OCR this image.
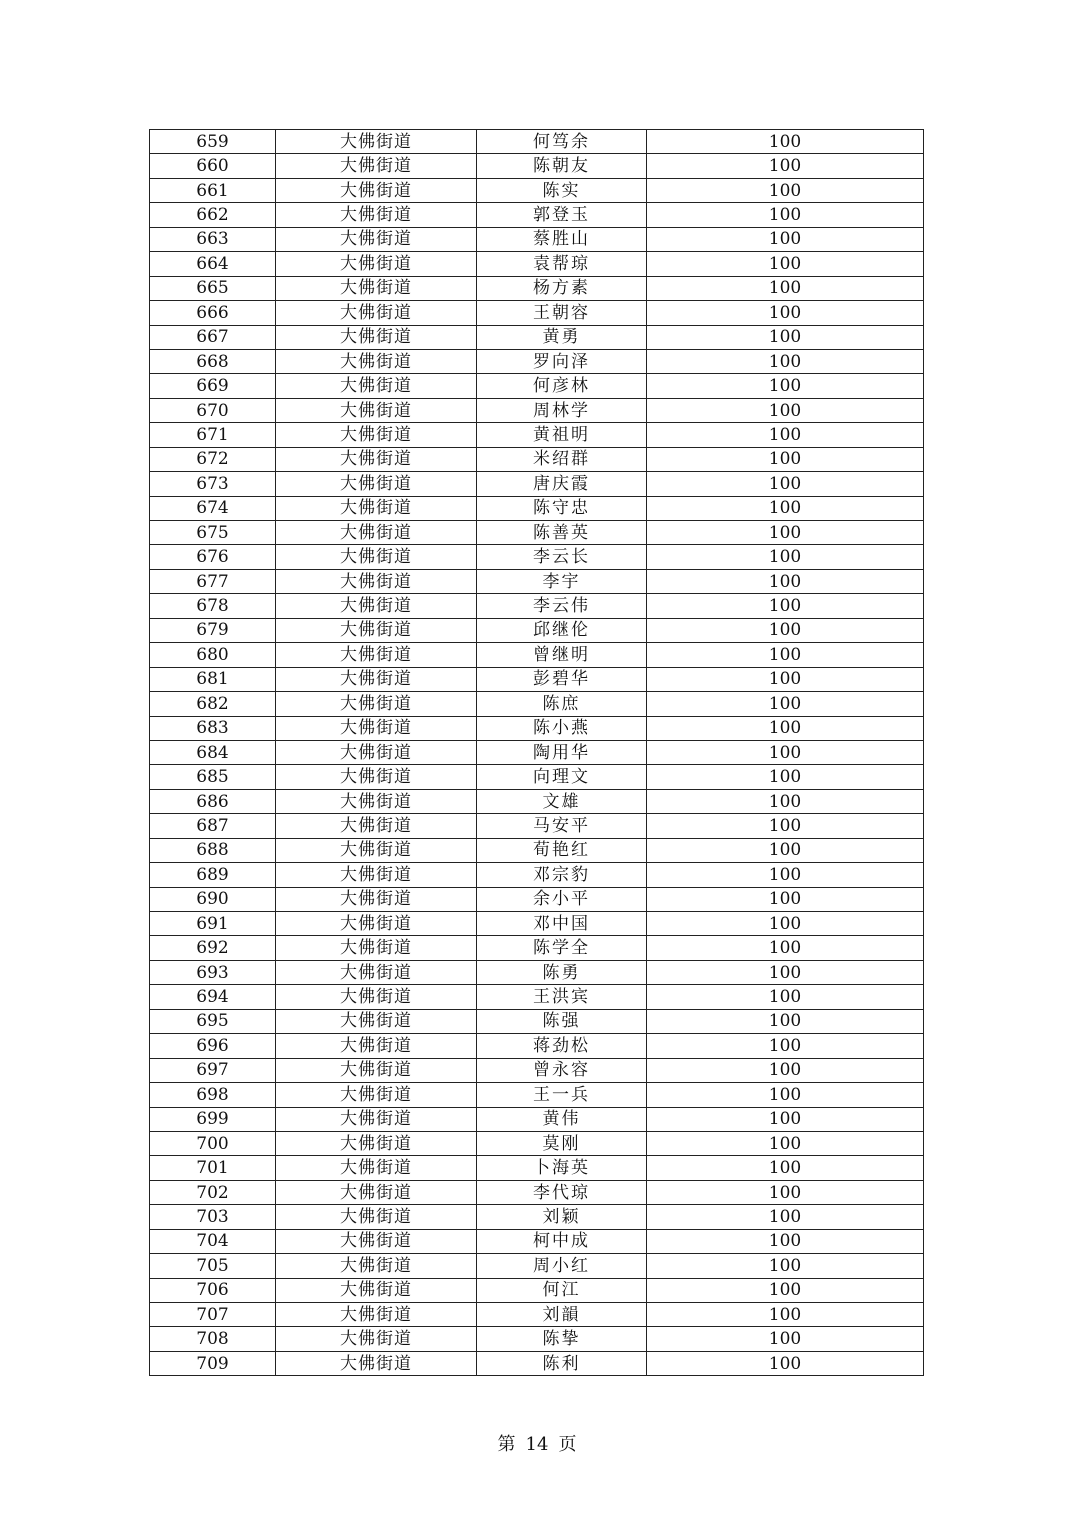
659	大佛街道	何笃余	100
660	大佛街道	陈朝友	100
661	大佛街道	陈实	100
662	大佛街道	郭登玉	100
663	大佛街道	蔡胜山	100
664	大佛街道	袁帮琼	100
665	大佛街道	杨方素	100
666	大佛街道	王朝容	100
667	大佛街道	黄勇	100
668	大佛街道	罗向泽	100
669	大佛街道	何彦林	100
670	大佛街道	周林学	100
671	大佛街道	黄祖明	100
672	大佛街道	米绍群	100
673	大佛街道	唐庆霞	100
674	大佛街道	陈守忠	100
675	大佛街道	陈善英	100
676	大佛街道	李云长	100
677	大佛街道	李宇	100
678	大佛街道	李云伟	100
679	大佛街道	邱继伦	100
680	大佛街道	曾继明	100
681	大佛街道	彭碧华	100
682	大佛街道	陈庶	100
683	大佛街道	陈小燕	100
684	大佛街道	陶用华	100
685	大佛街道	向理文	100
686	大佛街道	文雄	100
687	大佛街道	马安平	100
688	大佛街道	荀艳红	100
689	大佛街道	邓宗豹	100
690	大佛街道	余小平	100
691	大佛街道	邓中国	100
692	大佛街道	陈学全	100
693	大佛街道	陈勇	100
694	大佛街道	王洪宾	100
695	大佛街道	陈强	100
696	大佛街道	蒋劲松	100
697	大佛街道	曾永容	100
698	大佛街道	王一兵	100
699	大佛街道	黄伟	100
700	大佛街道	莫刚	100
701	大佛街道	卜海英	100
702	大佛街道	李代琼	100
703	大佛街道	刘颖	100
704	大佛街道	柯中成	100
705	大佛街道	周小红	100
706	大佛街道	何江	100
707	大佛街道	刘韻	100
708	大佛街道	陈挚	100
709	大佛街道	陈利	100
第 14 页
